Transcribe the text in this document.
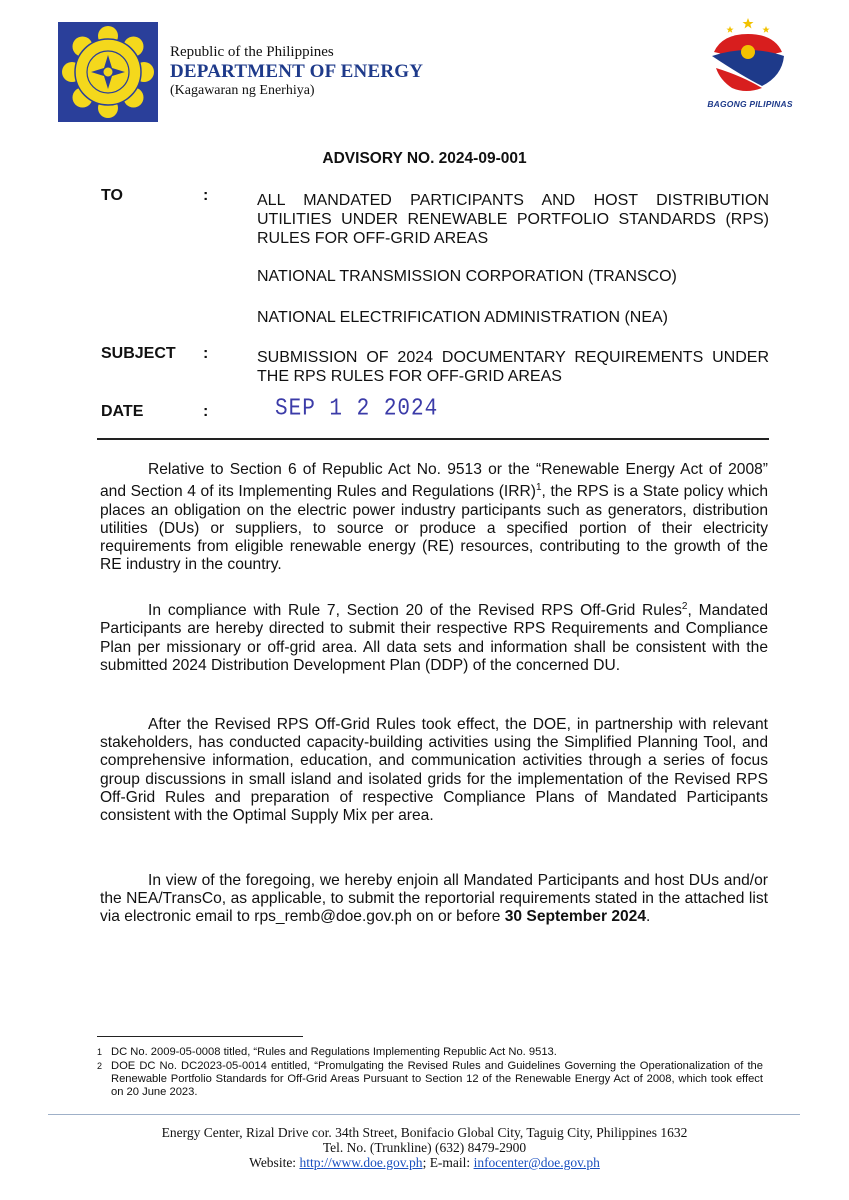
Republic of the Philippines
DEPARTMENT OF ENERGY
(Kagawaran ng Enerhiya)
BAGONG PILIPINAS
ADVISORY NO. 2024-09-001
TO	:	ALL MANDATED PARTICIPANTS AND HOST DISTRIBUTION UTILITIES UNDER RENEWABLE PORTFOLIO STANDARDS (RPS) RULES FOR OFF-GRID AREAS
NATIONAL TRANSMISSION CORPORATION (TRANSCO)
NATIONAL ELECTRIFICATION ADMINISTRATION (NEA)
SUBJECT :	SUBMISSION OF 2024 DOCUMENTARY REQUIREMENTS UNDER THE RPS RULES FOR OFF-GRID AREAS
DATE	:	SEP 1 2 2024
Relative to Section 6 of Republic Act No. 9513 or the “Renewable Energy Act of 2008” and Section 4 of its Implementing Rules and Regulations (IRR)$^1$, the RPS is a State policy which places an obligation on the electric power industry participants such as generators, distribution utilities (DUs) or suppliers, to source or produce a specified portion of their electricity requirements from eligible renewable energy (RE) resources, contributing to the growth of the RE industry in the country.
In compliance with Rule 7, Section 20 of the Revised RPS Off-Grid Rules$^2$, Mandated Participants are hereby directed to submit their respective RPS Requirements and Compliance Plan per missionary or off-grid area. All data sets and information shall be consistent with the submitted 2024 Distribution Development Plan (DDP) of the concerned DU.
After the Revised RPS Off-Grid Rules took effect, the DOE, in partnership with relevant stakeholders, has conducted capacity-building activities using the Simplified Planning Tool, and comprehensive information, education, and communication activities through a series of focus group discussions in small island and isolated grids for the implementation of the Revised RPS Off-Grid Rules and preparation of respective Compliance Plans of Mandated Participants consistent with the Optimal Supply Mix per area.
In view of the foregoing, we hereby enjoin all Mandated Participants and host DUs and/or the NEA/TransCo, as applicable, to submit the reportorial requirements stated in the attached list via electronic email to rps_remb@doe.gov.ph on or before 30 September 2024.
1 DC No. 2009-05-0008 titled, “Rules and Regulations Implementing Republic Act No. 9513.
2 DOE DC No. DC2023-05-0014 entitled, “Promulgating the Revised Rules and Guidelines Governing the Operationalization of the Renewable Portfolio Standards for Off-Grid Areas Pursuant to Section 12 of the Renewable Energy Act of 2008, which took effect on 20 June 2023.
Energy Center, Rizal Drive cor. 34th Street, Bonifacio Global City, Taguig City, Philippines 1632
Tel. No. (Trunkline) (632) 8479-2900
Website: http://www.doe.gov.ph; E-mail: infocenter@doe.gov.ph
